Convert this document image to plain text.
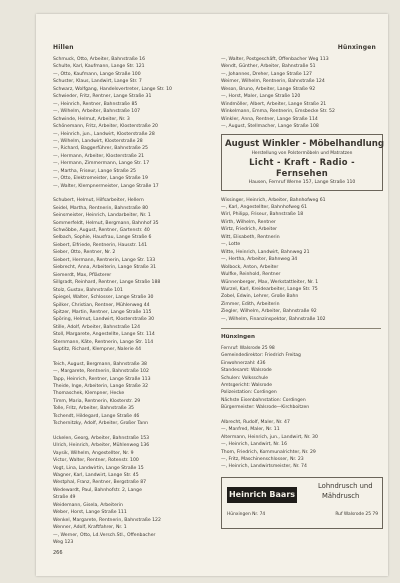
Hillen	Hünxingen
Schmuck, Otto, Arbeiter, Bahnstraße 16
Schulte, Karl, Kaufmann, Lange Str. 121
—, Otto, Kaufmann, Lange Straße 100
Schuster, Klaus, Landwirt, Lange Str. 7
Schwarz, Wolfgang, Handelsvertreter, Lange Str. 10
Schwieder, Fritz, Rentner, Lange Straße 31
—, Heinrich, Rentner, Bahnstraße 85
—, Wilhelm, Arbeiter, Bahnstraße 107
Schwinde, Helmut, Arbeiter, Nr. 3
Schönemann, Fritz, Arbeiter, Klosterstraße 20
—, Heinrich, jun., Landwirt, Klosterstraße 28
—, Wilhelm, Landwirt, Klosterstraße 28
—, Richard, Baggerführer, Bahnstraße 25
—, Hermann, Arbeiter, Klosterstraße 21
—, Hermann, Zimmermann, Lange Str. 17
—, Martha, Friseur, Lange Straße 25
—, Otto, Elektromeister, Lange Straße 19
—, Walter, Klempnermeister, Lange Straße 17
Schubert, Helmut, Hilfsarbeiter, Hellern
Seidel, Martha, Rentnerin, Bahnstraße 80
Seinsmeister, Heinrich, Landarbeiter, Nr. 1
Sommerfeldt, Helmut, Bergmann, Bahnhof 35
Schwöbbe, August, Rentner, Gartenstr. 40
Selbach, Sophie, Hausfrau, Lange Straße 6
Siebert, Elfriede, Rentnerin, Hausstr. 141
Sieber, Otto, Rentner, Nr. 2
Siebert, Hermann, Rentnerin, Lange Str. 133
Siebrecht, Anna, Arbeiterin, Lange Straße 31
Siemerdt, Max, Pflästerer
Sillgradt, Reinhard, Rentner, Lange Straße 188
Stolz, Gustav, Bahnstraße 101
Spiegel, Walter, Schlosser, Lange Straße 30
Spilker, Christian, Rentner, Mühlenweg 44
Spitzer, Martin, Rentner, Lange Straße 115
Spöring, Helmut, Landwirt, Klosterstraße 30
Stille, Adolf, Arbeiter, Bahnstraße 124
Stoll, Margarete, Angestellte, Lange Str. 114
Sternmann, Käte, Rentnerin, Lange Str. 114
Suptitz, Richard, Klempner, Nalerie 44
Teich, August, Bergmann, Bahnstraße 38
—, Margarete, Rentnerin, Bahnstraße 102
Tapp, Heinrich, Rentner, Lange Straße 113
Theide, Inge, Arbeiterin, Lange Straße 32
Thomaschek, Klempner, Hecke
Timm, Maria, Rentnerin, Klosterstr. 29
Tolle, Fritz, Arbeiter, Bahnstraße 35
Tschendt, Hildegard, Lange Straße 46
Tschernitzky, Adolf, Arbeiter, Großer Tann
Uckelen, Georg, Arbeiter, Bahnstraße 153
Ulrich, Heinrich, Arbeiter, Mühlenweg 136
Vaysik, Wilhelm, Angestellter, Nr. 9
Victor, Walter, Rentner, Rotenstr. 100
Vogt, Lina, Landwirtin, Lange Straße 15
Wagner, Karl, Landwirt, Lange Str. 45
Westphal, Franz, Rentner, Bergstraße 87
Wedewardt, Paul, Bahnhofstr. 2, Lange
Straße 49
Weidemann, Gisela, Arbeiterin
Weber, Horst, Lange Straße 111
Wenkel, Margarete, Rentnerin, Bahnstraße 122
Wenner, Adolf, Kraftfahrer, Nr. 1
—, Werner, Otto, Ld.Versch.Stl., Offenbacher
Weg 123
—, Walter, Postgeschäft, Offenbacher Weg 113
Wendt, Günther, Arbeiter, Bahnstraße 51
—, Johannes, Dreher, Lange Straße 127
Weimer, Wilhelm, Rentnerin, Bahnstraße 124
Weson, Bruno, Arbeiter, Lange Straße 92
—, Horst, Maler, Lange Straße 120
Windmöller, Albert, Arbeiter, Lange Straße 21
Winkelmann, Emma, Rentnerin, Emsbecke Str. 52
Winkler, Anna, Rentner, Lange Straße 114
—, August, Stellmacher, Lange Straße 108
August Winkler - Möbelhandlung
Herstellung von Polstermöbeln und Matratzen
Licht - Kraft - Radio - Fernsehen
Hausen, Fernruf Werne 157, Lange Straße 110
Wissinger, Heinrich, Arbeiter, Bahnhofweg 61
—, Karl, Angestellter, Bahnhofweg 61
Wirl, Philipp, Friseur, Bahnstraße 18
Wirth, Wilhelm, Rentner
Wirtz, Friedrich, Arbeiter
Witt, Elisabeth, Rentnerin
—, Lotte
Witte, Heinrich, Landwirt, Bahnweg 21
—, Hertha, Arbeiter, Bahnweg 34
Wolbock, Anton, Arbeiter
Wulfke, Reinhold, Rentner
Wünnenberger, Max, Werkstattleiter, Nr. 1
Wurzel, Karl, Kreidearbeiter, Lange Str. 75
Zobel, Edwin, Lehrer, Große Bahn
Zimmer, Edith, Arbeiterin
Ziegler, Wilhelm, Arbeiter, Bahnstraße 92
—, Wilhelm, Finanzinspektor, Bahnstraße 102
Hünxingen
Fernruf: Walsrode 25 98
Gemeindedirektor: Friedrich Freitag
Einwohnerzahl: 436
Standesamt: Walsrode
Schulen: Volksschule
Amtsgericht: Walsrode
Polizeistation: Cordingen
Nächste Eisenbahnstation: Cordingen
Bürgermeister: Walsrode—Kirchboitzen
Albrecht, Rudolf, Maler, Nr. 47
—, Manfred, Maler, Nr. 11
Altermann, Heinrich, jun., Landwirt, Nr. 30
—, Heinrich, Landwirt, Nr. 16
Thom, Friedrich, Kommunalrichter, Nr. 29
—, Fritz, Maschinenschlosser, Nr. 23
—, Heinrich, Landwirtsmeister, Nr. 74
Heinrich Baars
Lohndrusch und
Mähdrusch
Hünxingen Nr. 74	Ruf Walsrode 25 79
266
